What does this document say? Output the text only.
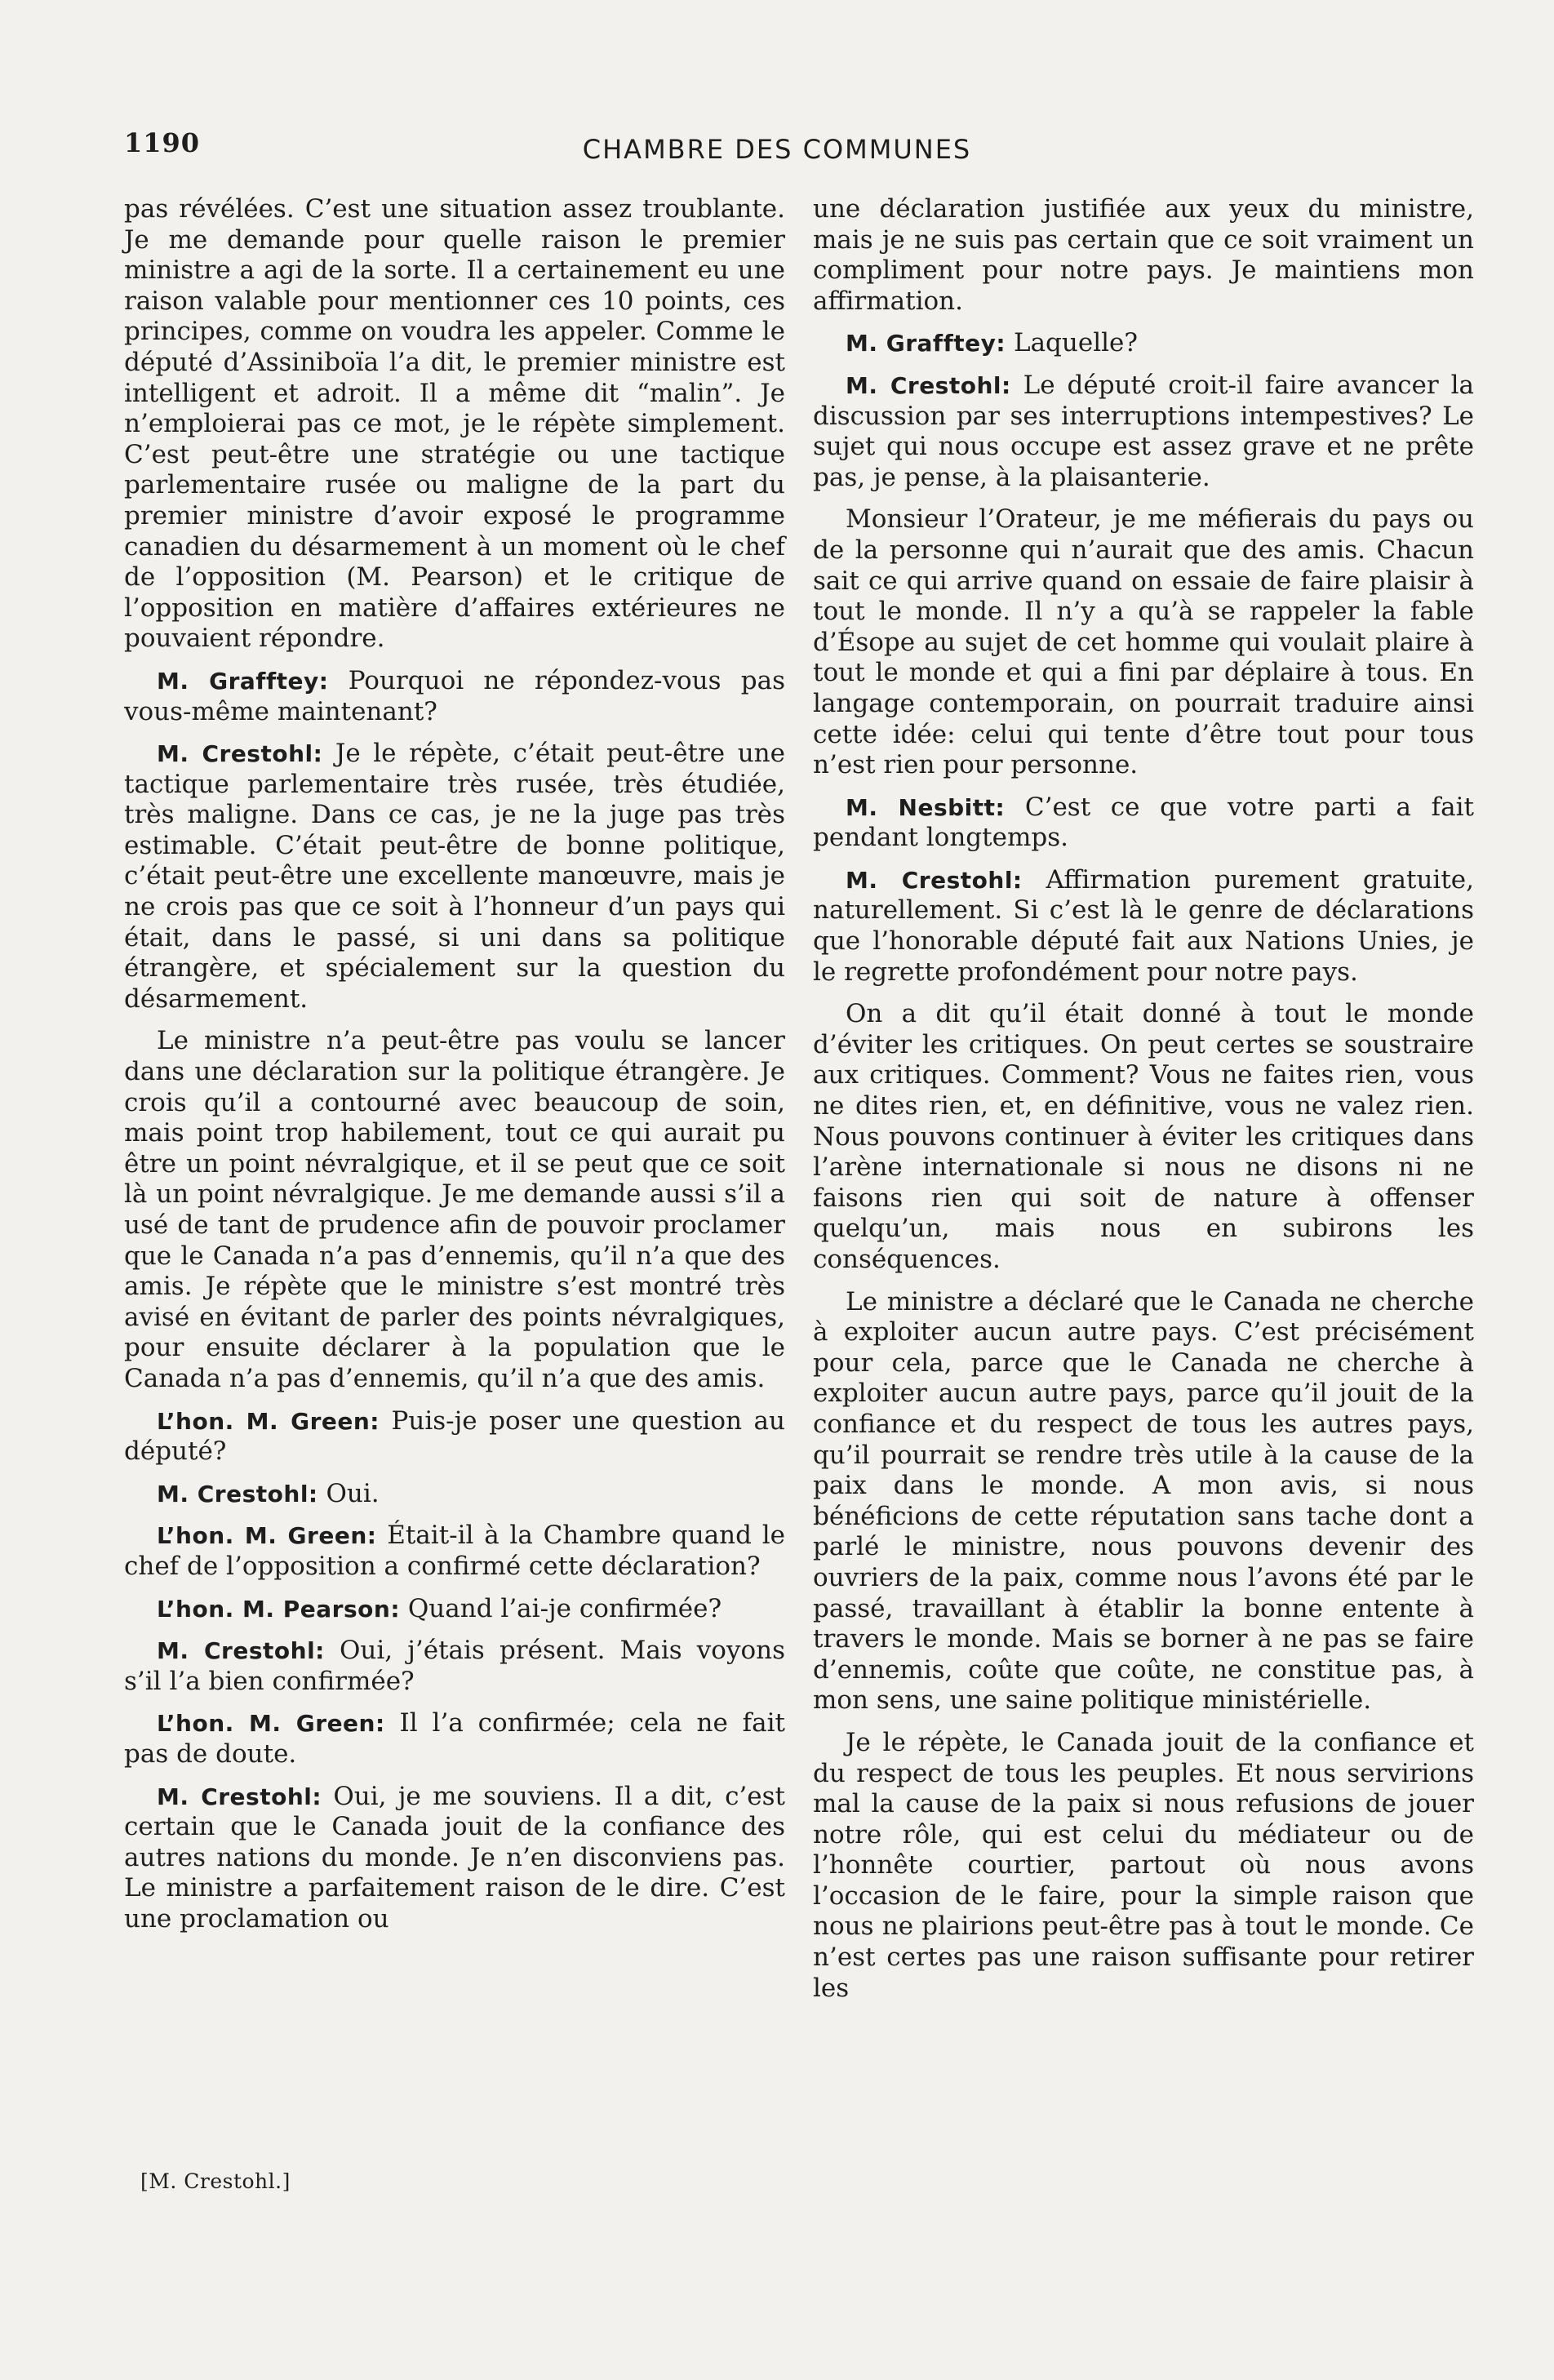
1190	CHAMBRE DES COMMUNES

pas révélées. C’est une situation assez troublante. Je me demande pour quelle raison le premier ministre a agi de la sorte. Il a certainement eu une raison valable pour mentionner ces 10 points, ces principes, comme on voudra les appeler. Comme le député d’Assiniboïa l’a dit, le premier ministre est intelligent et adroit. Il a même dit “malin”. Je n’emploierai pas ce mot, je le répète simplement. C’est peut-être une stratégie ou une tactique parlementaire rusée ou maligne de la part du premier ministre d’avoir exposé le programme canadien du désarmement à un moment où le chef de l’opposition (M. Pearson) et le critique de l’opposition en matière d’affaires extérieures ne pouvaient répondre.

M. Grafftey: Pourquoi ne répondez-vous pas vous-même maintenant?

M. Crestohl: Je le répète, c’était peut-être une tactique parlementaire très rusée, très étudiée, très maligne. Dans ce cas, je ne la juge pas très estimable. C’était peut-être de bonne politique, c’était peut-être une excellente manœuvre, mais je ne crois pas que ce soit à l’honneur d’un pays qui était, dans le passé, si uni dans sa politique étrangère, et spécialement sur la question du désarmement.

Le ministre n’a peut-être pas voulu se lancer dans une déclaration sur la politique étrangère. Je crois qu’il a contourné avec beaucoup de soin, mais point trop habilement, tout ce qui aurait pu être un point névralgique, et il se peut que ce soit là un point névralgique. Je me demande aussi s’il a usé de tant de prudence afin de pouvoir proclamer que le Canada n’a pas d’ennemis, qu’il n’a que des amis. Je répète que le ministre s’est montré très avisé en évitant de parler des points névralgiques, pour ensuite déclarer à la population que le Canada n’a pas d’ennemis, qu’il n’a que des amis.

L’hon. M. Green: Puis-je poser une question au député?

M. Crestohl: Oui.

L’hon. M. Green: Était-il à la Chambre quand le chef de l’opposition a confirmé cette déclaration?

L’hon. M. Pearson: Quand l’ai-je confirmée?

M. Crestohl: Oui, j’étais présent. Mais voyons s’il l’a bien confirmée?

L’hon. M. Green: Il l’a confirmée; cela ne fait pas de doute.

M. Crestohl: Oui, je me souviens. Il a dit, c’est certain que le Canada jouit de la confiance des autres nations du monde. Je n’en disconviens pas. Le ministre a parfaitement raison de le dire. C’est une proclamation ou

une déclaration justifiée aux yeux du ministre, mais je ne suis pas certain que ce soit vraiment un compliment pour notre pays. Je maintiens mon affirmation.

M. Grafftey: Laquelle?

M. Crestohl: Le député croit-il faire avancer la discussion par ses interruptions intempestives? Le sujet qui nous occupe est assez grave et ne prête pas, je pense, à la plaisanterie.

Monsieur l’Orateur, je me méfierais du pays ou de la personne qui n’aurait que des amis. Chacun sait ce qui arrive quand on essaie de faire plaisir à tout le monde. Il n’y a qu’à se rappeler la fable d’Ésope au sujet de cet homme qui voulait plaire à tout le monde et qui a fini par déplaire à tous. En langage contemporain, on pourrait traduire ainsi cette idée: celui qui tente d’être tout pour tous n’est rien pour personne.

M. Nesbitt: C’est ce que votre parti a fait pendant longtemps.

M. Crestohl: Affirmation purement gratuite, naturellement. Si c’est là le genre de déclarations que l’honorable député fait aux Nations Unies, je le regrette profondément pour notre pays.

On a dit qu’il était donné à tout le monde d’éviter les critiques. On peut certes se soustraire aux critiques. Comment? Vous ne faites rien, vous ne dites rien, et, en définitive, vous ne valez rien. Nous pouvons continuer à éviter les critiques dans l’arène internationale si nous ne disons ni ne faisons rien qui soit de nature à offenser quelqu’un, mais nous en subirons les conséquences.

Le ministre a déclaré que le Canada ne cherche à exploiter aucun autre pays. C’est précisément pour cela, parce que le Canada ne cherche à exploiter aucun autre pays, parce qu’il jouit de la confiance et du respect de tous les autres pays, qu’il pourrait se rendre très utile à la cause de la paix dans le monde. A mon avis, si nous bénéficions de cette réputation sans tache dont a parlé le ministre, nous pouvons devenir des ouvriers de la paix, comme nous l’avons été par le passé, travaillant à établir la bonne entente à travers le monde. Mais se borner à ne pas se faire d’ennemis, coûte que coûte, ne constitue pas, à mon sens, une saine politique ministérielle.

Je le répète, le Canada jouit de la confiance et du respect de tous les peuples. Et nous servirions mal la cause de la paix si nous refusions de jouer notre rôle, qui est celui du médiateur ou de l’honnête courtier, partout où nous avons l’occasion de le faire, pour la simple raison que nous ne plairions peut-être pas à tout le monde. Ce n’est certes pas une raison suffisante pour retirer les

[M. Crestohl.]
